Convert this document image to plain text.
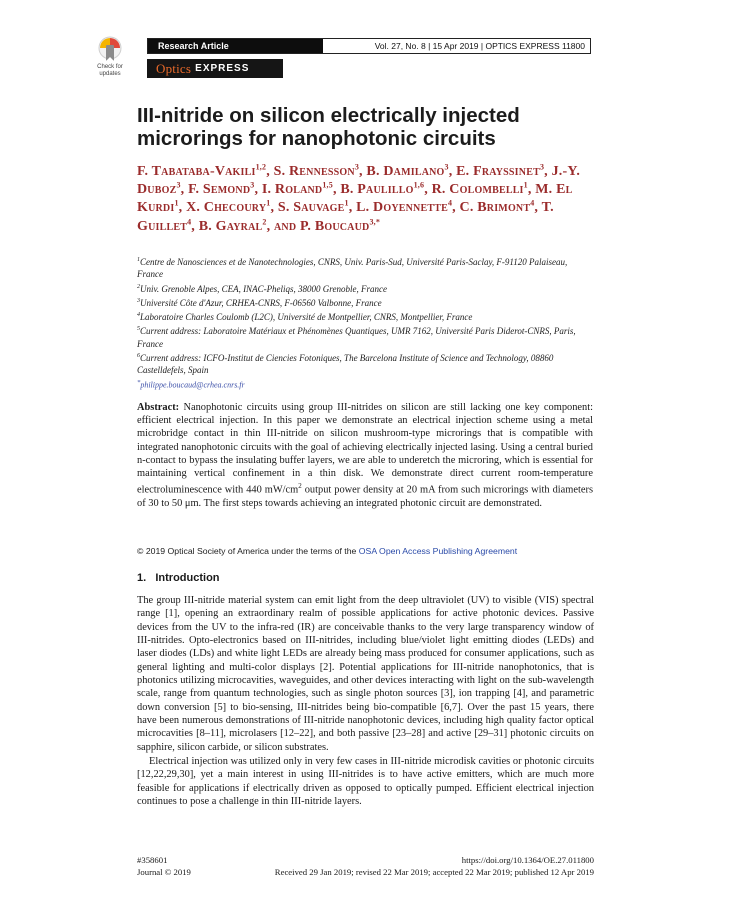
Check for
updates
Research Article	Vol. 27, No. 8 | 15 Apr 2019 | OPTICS EXPRESS 11800
Optics EXPRESS
III-nitride on silicon electrically injected microrings for nanophotonic circuits
F. Tabataba-Vakili$^{1,2}$, S. Rennesson$^3$, B. Damilano$^3$, E. Frayssinet$^3$, J.-Y. Duboz$^3$, F. Semond$^3$, I. Roland$^{1,5}$, B. Paulillo$^{1,6}$, R. Colombelli$^1$, M. El Kurdi$^1$, X. Checoury$^1$, S. Sauvage$^1$, L. Doyennette$^4$, C. Brimont$^4$, T. Guillet$^4$, B. Gayral$^2$, and P. Boucaud$^{3,*}$

$^1$Centre de Nanosciences et de Nanotechnologies, CNRS, Univ. Paris-Sud, Université Paris-Saclay, F-91120 Palaiseau, France

$^2$Univ. Grenoble Alpes, CEA, INAC-Pheliqs, 38000 Grenoble, France

$^3$Université Côte d'Azur, CRHEA-CNRS, F-06560 Valbonne, France

$^4$Laboratoire Charles Coulomb (L2C), Université de Montpellier, CNRS, Montpellier, France

$^5$Current address: Laboratoire Matériaux et Phénomènes Quantiques, UMR 7162, Université Paris Diderot-CNRS, Paris, France

$^6$Current address: ICFO-Institut de Ciencies Fotoniques, The Barcelona Institute of Science and Technology, 08860 Castelldefels, Spain

*philippe.boucaud@crhea.cnrs.fr

Abstract: Nanophotonic circuits using group III-nitrides on silicon are still lacking one key component: efficient electrical injection. In this paper we demonstrate an electrical injection scheme using a metal microbridge contact in thin III-nitride on silicon mushroom-type microrings that is compatible with integrated nanophotonic circuits with the goal of achieving electrically injected lasing. Using a central buried n-contact to bypass the insulating buffer layers, we are able to underetch the microring, which is essential for maintaining vertical confinement in a thin disk. We demonstrate direct current room-temperature electroluminescence with 440 $mW/cm^2$ output power density at 20 mA from such microrings with diameters of 30 to 50 μm. The first steps towards achieving an integrated photonic circuit are demonstrated.
© 2019 Optical Society of America under the terms of the OSA Open Access Publishing Agreement
1. Introduction

The group III-nitride material system can emit light from the deep ultraviolet (UV) to visible (VIS) spectral range [1], opening an extraordinary realm of possible applications for active photonic devices. Passive devices from the UV to the infra-red (IR) are conceivable thanks to the very large transparency window of III-nitrides. Opto-electronics based on III-nitrides, including blue/violet light emitting diodes (LEDs) and laser diodes (LDs) and white light LEDs are already being mass produced for consumer applications, such as general lighting and multi-color displays [2]. Potential applications for III-nitride nanophotonics, that is photonics utilizing microcavities, waveguides, and other devices interacting with light on the sub-wavelength scale, range from quantum technologies, such as single photon sources [3], ion trapping [4], and parametric down conversion [5] to bio-sensing, III-nitrides being bio-compatible [6,7]. Over the past 15 years, there have been numerous demonstrations of III-nitride nanophotonic devices, including high quality factor optical microcavities [8–11], microlasers [12–22], and both passive [23–28] and active [29–31] photonic circuits on sapphire, silicon carbide, or silicon substrates.

Electrical injection was utilized only in very few cases in III-nitride microdisk cavities or photonic circuits [12,22,29,30], yet a main interest in using III-nitrides is to have active emitters, which are much more feasible for applications if electrically driven as opposed to optically pumped. Efficient electrical injection continues to pose a challenge in thin III-nitride layers.

#358601	https://doi.org/10.1364/OE.27.011800
Journal © 2019	Received 29 Jan 2019; revised 22 Mar 2019; accepted 22 Mar 2019; published 12 Apr 2019
